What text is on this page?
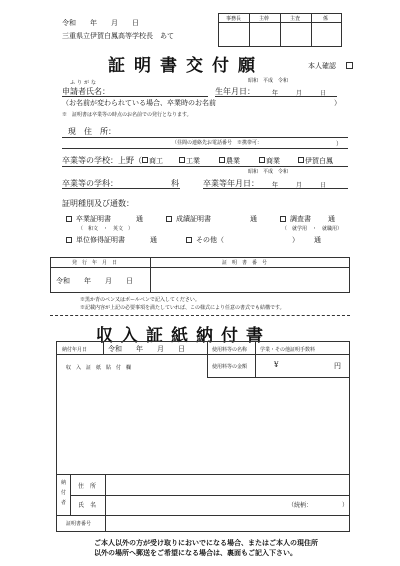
令和　　年　　月　　日
三重県立伊賀白鳳高等学校長　あて
事務長	主幹	主査	係
証明書交付願	本人確認
昭和　平成　令和
ふりがな
申請者氏名：	生年月日：	年　　　月　　　日
（お名前が変わられている場合、卒業時のお名前	）
※　証明書は卒業等の時点のお名前での発行となります。
現　住　所：
（昼間の連絡先お電話番号　※携帯可：	）
卒業等の学校：上野（ 商工	工業	農業	商業	伊賀白鳳
昭和　平成　令和
卒業等の学科：	科	卒業等年月日： 年　　　月　　　日
証明種別及び通数：
卒業証明書	通	成績証明書	通	調査書 通
（　和文　・　英文　）	（　就学用　・　就職用）
単位修得証明書	通	その他（	） 通
発　行　年　月　日	証　明　書　番　号
令和　　年　　月　　日
※黒か青のペン又はボールペンで記入してください。
※記載内容が上記の必要事項を満たしていれば、この様式により任意の書式でも結構です。
収入証紙納付書
納付年月日	令和　　年　　月　　日	使用料等の名称	学業・その他証明手数料
使用料等の金額	¥	円
収　入　証　紙　貼　付　欄
納付者
住　所
氏　名	（続柄：	）
証明書番号
ご本人以外の方が受け取りにおいでになる場合、またはご本人の現住所
以外の場所へ郵送をご希望になる場合は、裏面もご記入下さい。
